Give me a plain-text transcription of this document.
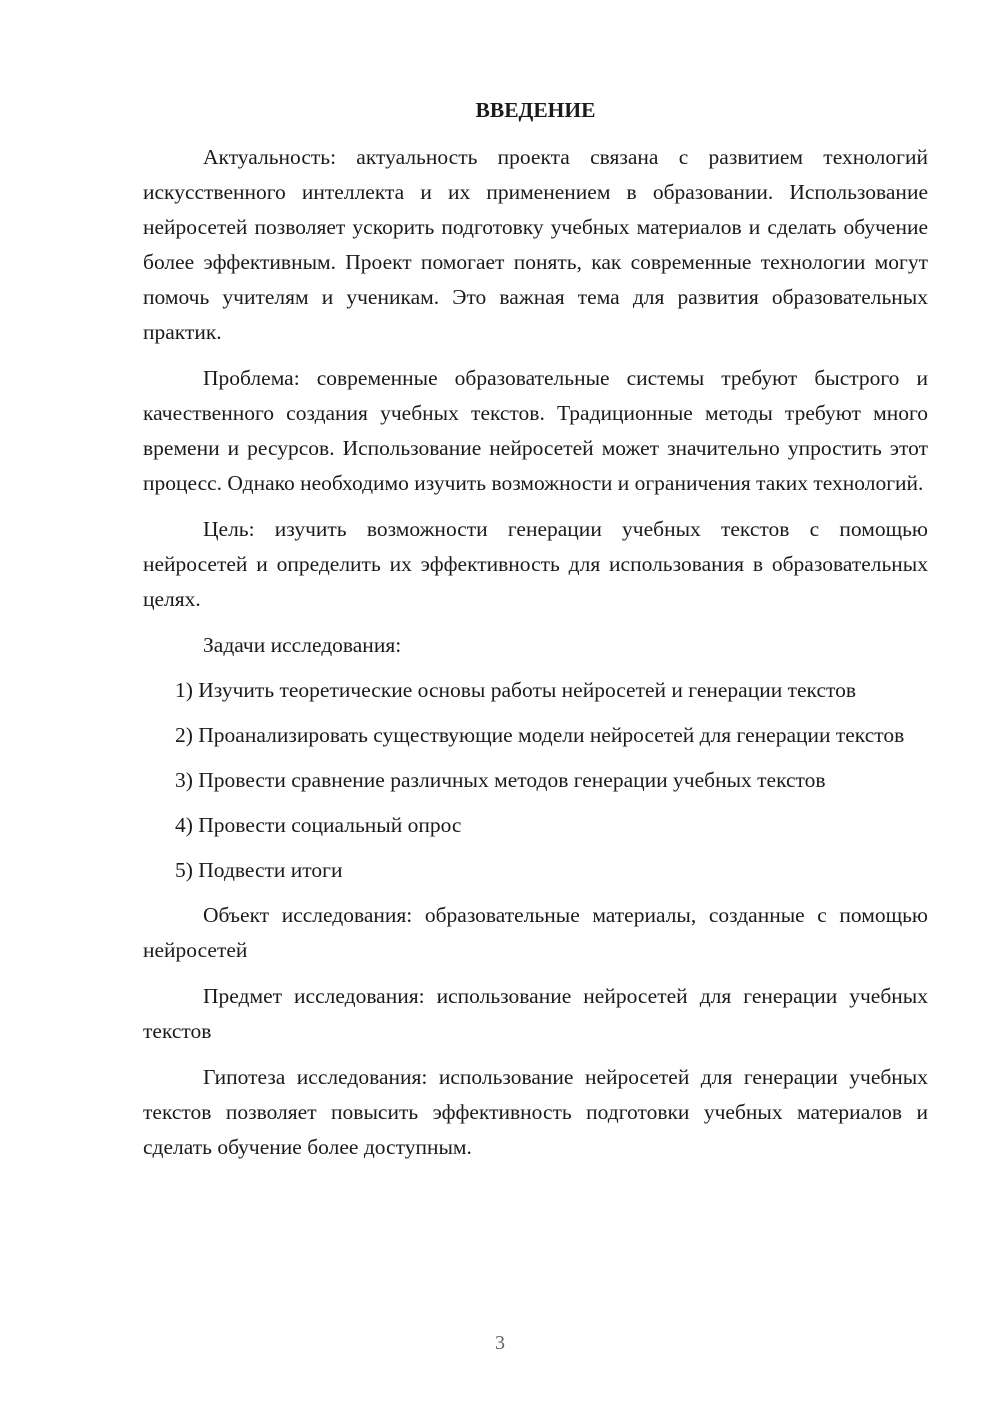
ВВЕДЕНИЕ

Актуальность: актуальность проекта связана с развитием технологий искусственного интеллекта и их применением в образовании. Использование нейросетей позволяет ускорить подготовку учебных материалов и сделать обучение более эффективным. Проект помогает понять, как современные технологии могут помочь учителям и ученикам. Это важная тема для развития образовательных практик.

Проблема: современные образовательные системы требуют быстрого и качественного создания учебных текстов. Традиционные методы требуют много времени и ресурсов. Использование нейросетей может значительно упростить этот процесс. Однако необходимо изучить возможности и ограничения таких технологий.

Цель: изучить возможности генерации учебных текстов с помощью нейросетей и определить их эффективность для использования в образовательных целях.

Задачи исследования:

1) Изучить теоретические основы работы нейросетей и генерации текстов

2) Проанализировать существующие модели нейросетей для генерации текстов

3) Провести сравнение различных методов генерации учебных текстов

4) Провести социальный опрос

5) Подвести итоги

Объект исследования: образовательные материалы, созданные с помощью нейросетей

Предмет исследования: использование нейросетей для генерации учебных текстов

Гипотеза исследования: использование нейросетей для генерации учебных текстов позволяет повысить эффективность подготовки учебных материалов и сделать обучение более доступным.

3
